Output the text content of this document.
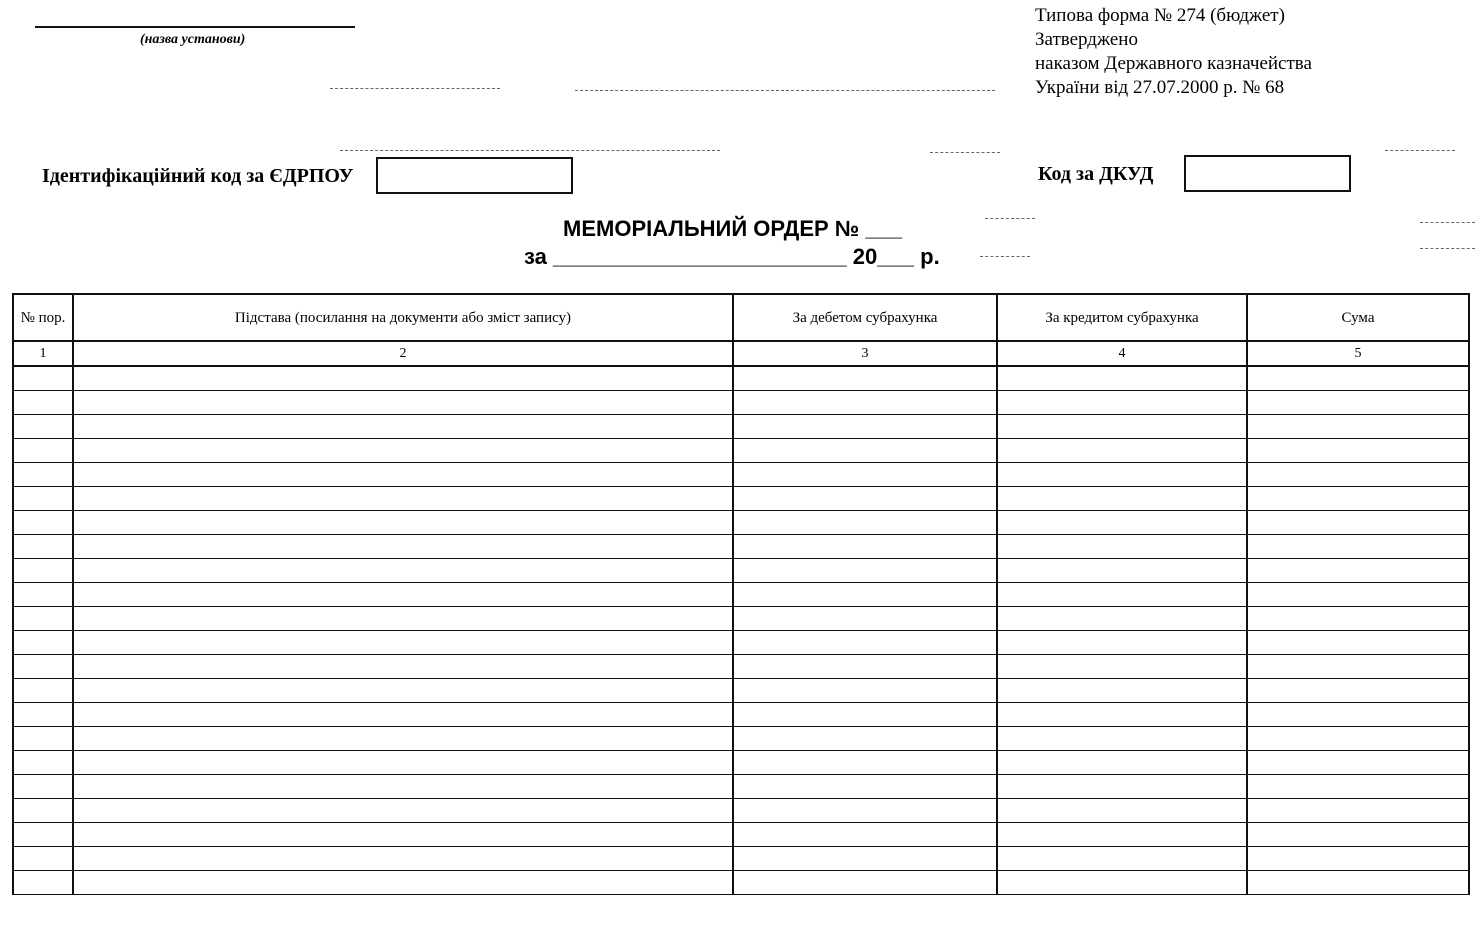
(назва установи)
Типова форма № 274 (бюджет)
Затверджено
наказом Державного казначейства
України від 27.07.2000 р. № 68
Ідентифікаційний код за ЄДРПОУ	Код за ДКУД
МЕМОРІАЛЬНИЙ ОРДЕР № ___
за ________________________ 20___ р.
№ пор.	Підстава (посилання на документи або зміст запису)	За дебетом субрахунка	За кредитом субрахунка	Сума
1	2	3	4	5
